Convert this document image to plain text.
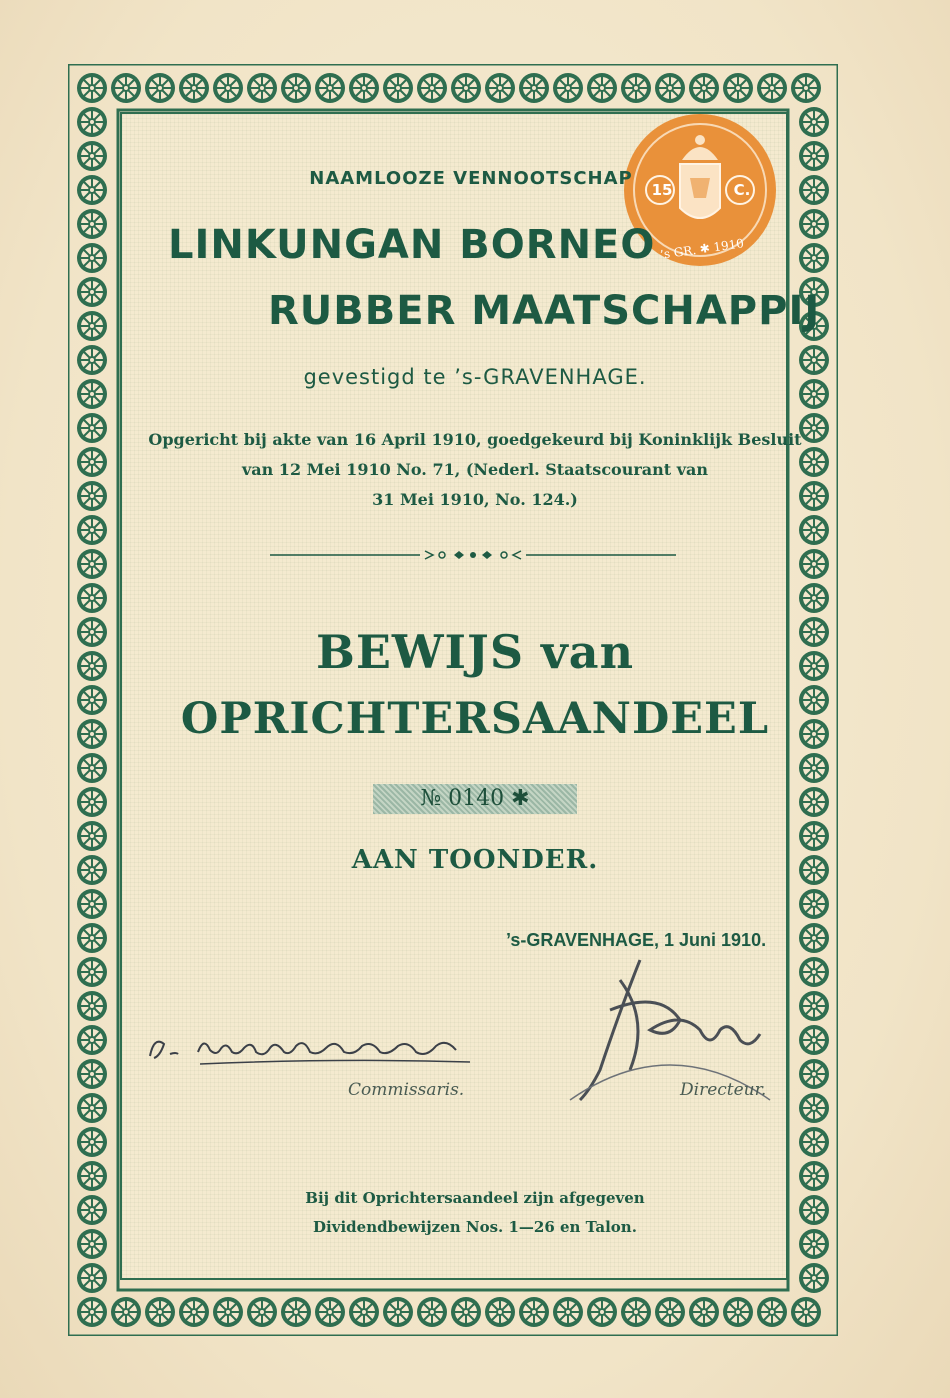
15	C.
’s GR. ✱ 1910
NAAMLOOZE VENNOOTSCHAP
LINKUNGAN BORNEO
RUBBER MAATSCHAPPIJ
gevestigd te ’s-GRAVENHAGE.
Opgericht bij akte van 16 April 1910, goedgekeurd bij Koninklijk Besluit
van 12 Mei 1910 No. 71, (Nederl. Staatscourant van
31 Mei 1910, No. 124.)
BEWIJS van
OPRICHTERSAANDEEL
№ 0140 ✱
AAN TOONDER.
’s-GRAVENHAGE, 1 Juni 1910.
Commissaris.	Directeur.
Bij dit Oprichtersaandeel zijn afgegeven
Dividendbewijzen Nos. 1—26 en Talon.
